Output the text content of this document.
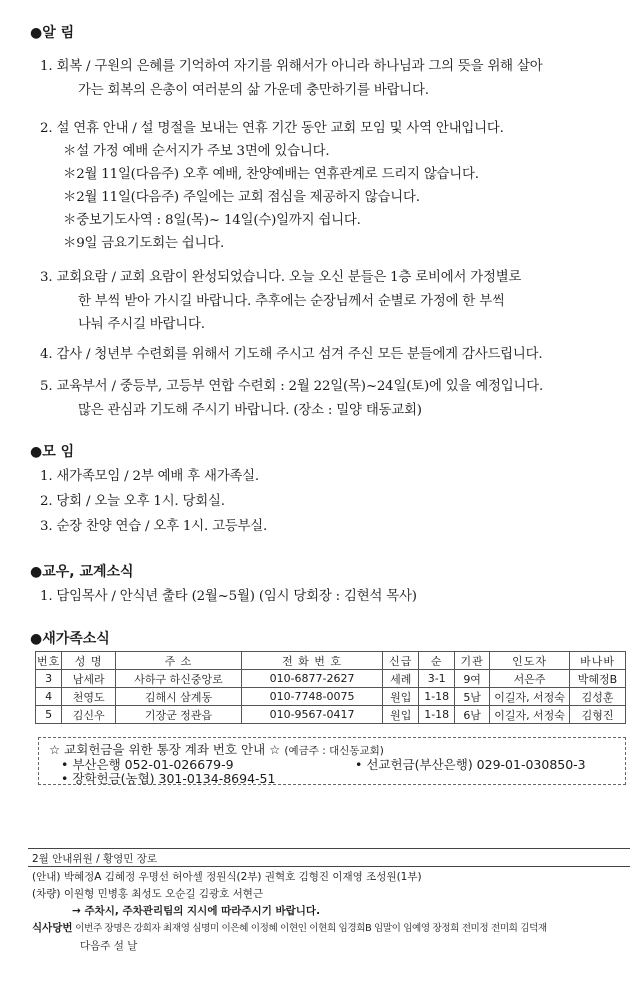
●알 림
1. 회복 / 구원의 은혜를 기억하여 자기를 위해서가 아니라 하나님과 그의 뜻을 위해 살아
가는 회복의 은총이 여러분의 삶 가운데 충만하기를 바랍니다.
2. 설 연휴 안내 / 설 명절을 보내는 연휴 기간 동안 교회 모임 및 사역 안내입니다.
＊설 가정 예배 순서지가 주보 3면에 있습니다.
＊2월 11일(다음주) 오후 예배, 찬양예배는 연휴관계로 드리지 않습니다.
＊2월 11일(다음주) 주일에는 교회 점심을 제공하지 않습니다.
＊중보기도사역 : 8일(목)~ 14일(수)일까지 쉽니다.
＊9일 금요기도회는 쉽니다.
3. 교회요람 / 교회 요람이 완성되었습니다. 오늘 오신 분들은 1층 로비에서 가정별로
한 부씩 받아 가시길 바랍니다. 추후에는 순장님께서 순별로 가정에 한 부씩
나눠 주시길 바랍니다.
4. 감사 / 청년부 수련회를 위해서 기도해 주시고 섬겨 주신 모든 분들에게 감사드립니다.
5. 교육부서 / 중등부, 고등부 연합 수련회 : 2월 22일(목)~24일(토)에 있을 예정입니다.
많은 관심과 기도해 주시기 바랍니다. (장소 : 밀양 태동교회)
●모 임
1. 새가족모임 / 2부 예배 후 새가족실.
2. 당회 / 오늘 오후 1시. 당회실.
3. 순장 찬양 연습 / 오후 1시. 고등부실.
●교우, 교계소식
1. 담임목사 / 안식년 출타 (2월~5월) (임시 당회장 : 김현석 목사)
●새가족소식
번호	성 명	주 소	전 화 번 호	신급	순	기관	인도자	바나바
3	남세라	사하구 하신중앙로	010-6877-2627	세례	3-1	9여	서은주	박혜정B
4	천영도	김해시 삼계동	010-7748-0075	원입	1-18	5남	이길자, 서정숙	김성훈
5	김신우	기장군 정관읍	010-9567-0417	원입	1-18	6남	이길자, 서정숙	김형진
☆ 교회헌금을 위한 통장 계좌 번호 안내 ☆ (예금주 : 대신동교회)
• 부산은행 052-01-026679-9	• 선교헌금(부산은행) 029-01-030850-3
• 장학헌금(농협) 301-0134-8694-51
2월 안내위원 / 황영민 장로
(안내) 박혜정A 김혜정 우명선 허아셀 정원식(2부) 권혁호 김형진 이재영 조성원(1부)
(차량) 이원형 민병홍 최성도 오순길 김광호 서현근
→ 주차시, 주차관리팀의 지시에 따라주시기 바랍니다.
식사당번 이번주 장명은 강희자 최재영 심명미 이은혜 이정혜 이현인 이현희 임경희B 임말이 임예영 장정희 전미정 전미희 김덕재
다음주 설 날
